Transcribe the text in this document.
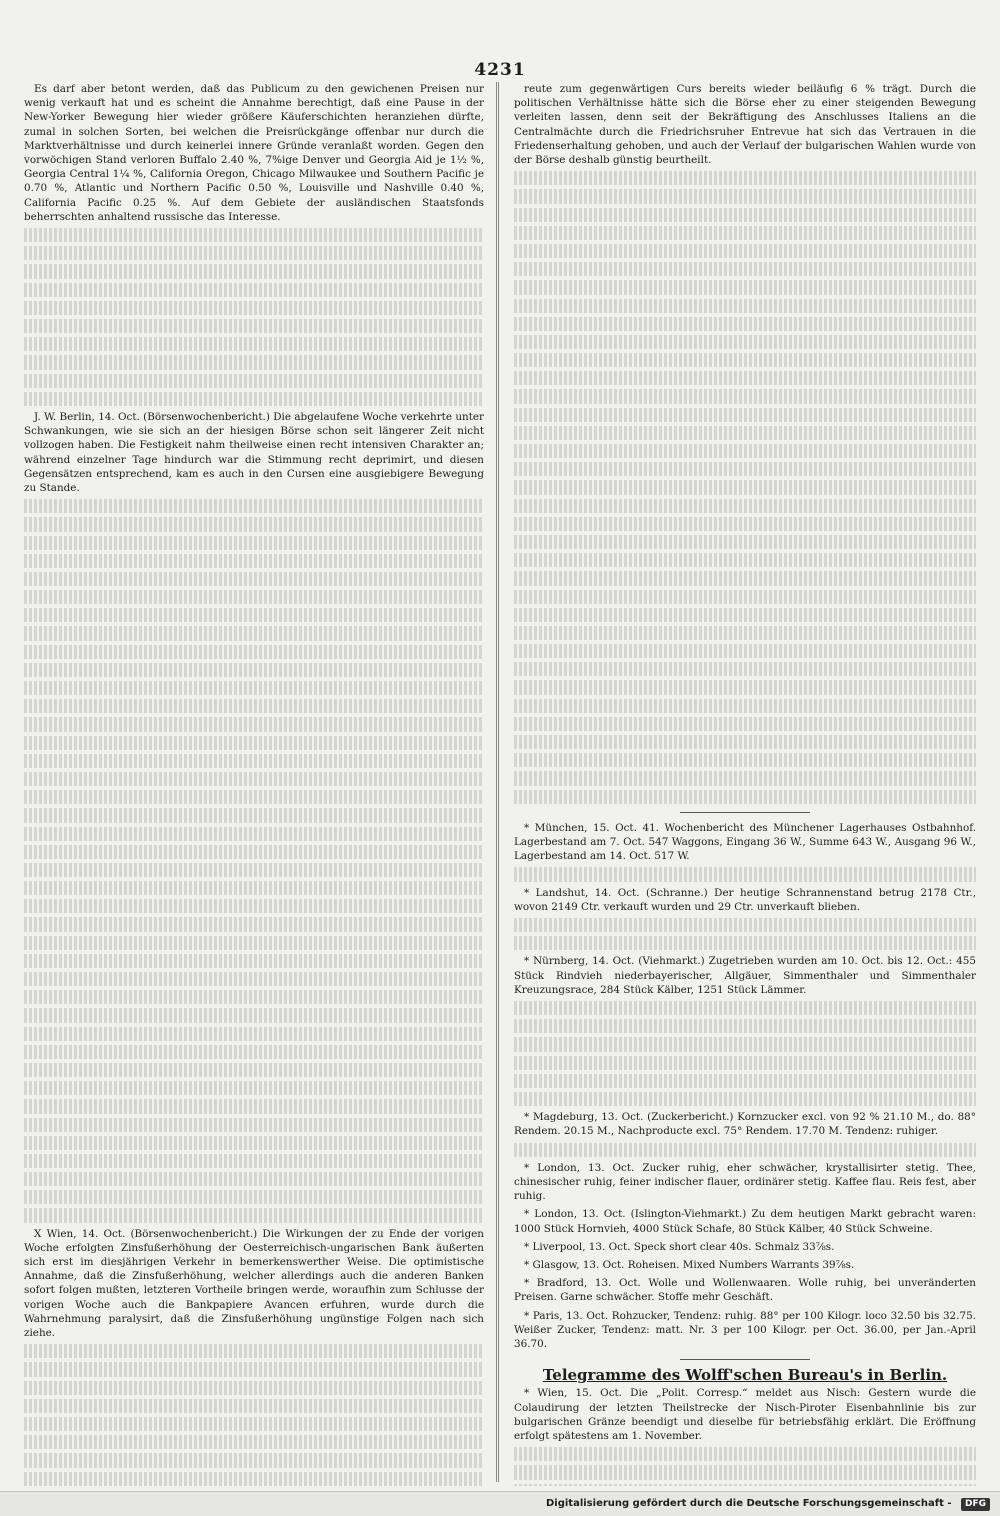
4231

Es darf aber betont werden, daß das Publicum zu den gewichenen Preisen nur wenig verkauft hat und es scheint die Annahme berechtigt, daß eine Pause in der New-Yorker Bewegung hier wieder größere Käuferschichten heranziehen dürfte, zumal in solchen Sorten, bei welchen die Preisrückgänge offenbar nur durch die Marktverhältnisse und durch keinerlei innere Gründe veranlaßt worden. Gegen den vorwöchigen Stand verloren Buffalo 2.40 %, 7%ige Denver und Georgia Aid je 1½ %, Georgia Central 1¼ %, California Oregon, Chicago Milwaukee und Southern Pacific je 0.70 %, Atlantic und Northern Pacific 0.50 %, Louisville und Nashville 0.40 %, California Pacific 0.25 %. Auf dem Gebiete der ausländischen Staatsfonds beherrschten anhaltend russische das Interesse.

J. W. Berlin, 14. Oct. (Börsenwochenbericht.) Die abgelaufene Woche verkehrte unter Schwankungen, wie sie sich an der hiesigen Börse schon seit längerer Zeit nicht vollzogen haben. Die Festigkeit nahm theilweise einen recht intensiven Charakter an; während einzelner Tage hindurch war die Stimmung recht deprimirt, und diesen Gegensätzen entsprechend, kam es auch in den Cursen eine ausgiebigere Bewegung zu Stande.

X Wien, 14. Oct. (Börsenwochenbericht.) Die Wirkungen der zu Ende der vorigen Woche erfolgten Zinsfußerhöhung der Oesterreichisch-ungarischen Bank äußerten sich erst im diesjährigen Verkehr in bemerkenswerther Weise. Die optimistische Annahme, daß die Zinsfußerhöhung, welcher allerdings auch die anderen Banken sofort folgen mußten, letzteren Vortheile bringen werde, woraufhin zum Schlusse der vorigen Woche auch die Bankpapiere Avancen erfuhren, wurde durch die Wahrnehmung paralysirt, daß die Zinsfußerhöhung ungünstige Folgen nach sich ziehe.

reute zum gegenwärtigen Curs bereits wieder beiläufig 6 % trägt. Durch die politischen Verhältnisse hätte sich die Börse eher zu einer steigenden Bewegung verleiten lassen, denn seit der Bekräftigung des Anschlusses Italiens an die Centralmächte durch die Friedrichsruher Entrevue hat sich das Vertrauen in die Friedenserhaltung gehoben, und auch der Verlauf der bulgarischen Wahlen wurde von der Börse deshalb günstig beurtheilt.

* München, 15. Oct. 41. Wochenbericht des Münchener Lagerhauses Ostbahnhof. Lagerbestand am 7. Oct. 547 Waggons, Eingang 36 W., Summe 643 W., Ausgang 96 W., Lagerbestand am 14. Oct. 517 W.

* Landshut, 14. Oct. (Schranne.) Der heutige Schrannenstand betrug 2178 Ctr., wovon 2149 Ctr. verkauft wurden und 29 Ctr. unverkauft blieben.

* Nürnberg, 14. Oct. (Viehmarkt.) Zugetrieben wurden am 10. Oct. bis 12. Oct.: 455 Stück Rindvieh niederbayerischer, Allgäuer, Simmenthaler und Simmenthaler Kreuzungsrace, 284 Stück Kälber, 1251 Stück Lämmer.

* Magdeburg, 13. Oct. (Zuckerbericht.) Kornzucker excl. von 92 % 21.10 M., do. 88° Rendem. 20.15 M., Nachproducte excl. 75° Rendem. 17.70 M. Tendenz: ruhiger.

* London, 13. Oct. Zucker ruhig, eher schwächer, krystallisirter stetig. Thee, chinesischer ruhig, feiner indischer flauer, ordinärer stetig. Kaffee flau. Reis fest, aber ruhig.

* London, 13. Oct. (Islington-Viehmarkt.) Zu dem heutigen Markt gebracht waren: 1000 Stück Hornvieh, 4000 Stück Schafe, 80 Stück Kälber, 40 Stück Schweine.

* Liverpool, 13. Oct. Speck short clear 40s. Schmalz 33⅞s.

* Glasgow, 13. Oct. Roheisen. Mixed Numbers Warrants 39⅞s.

* Bradford, 13. Oct. Wolle und Wollenwaaren. Wolle ruhig, bei unveränderten Preisen. Garne schwächer. Stoffe mehr Geschäft.

* Paris, 13. Oct. Rohzucker, Tendenz: ruhig. 88° per 100 Kilogr. loco 32.50 bis 32.75. Weißer Zucker, Tendenz: matt. Nr. 3 per 100 Kilogr. per Oct. 36.00, per Jan.-April 36.70.

Telegramme des Wolff'schen Bureau's in Berlin.

* Wien, 15. Oct. Die „Polit. Corresp.“ meldet aus Nisch: Gestern wurde die Colaudirung der letzten Theilstrecke der Nisch-Piroter Eisenbahnlinie bis zur bulgarischen Gränze beendigt und dieselbe für betriebsfähig erklärt. Die Eröffnung erfolgt spätestens am 1. November.

Digitalisierung gefördert durch die Deutsche Forschungsgemeinschaft - DFG
